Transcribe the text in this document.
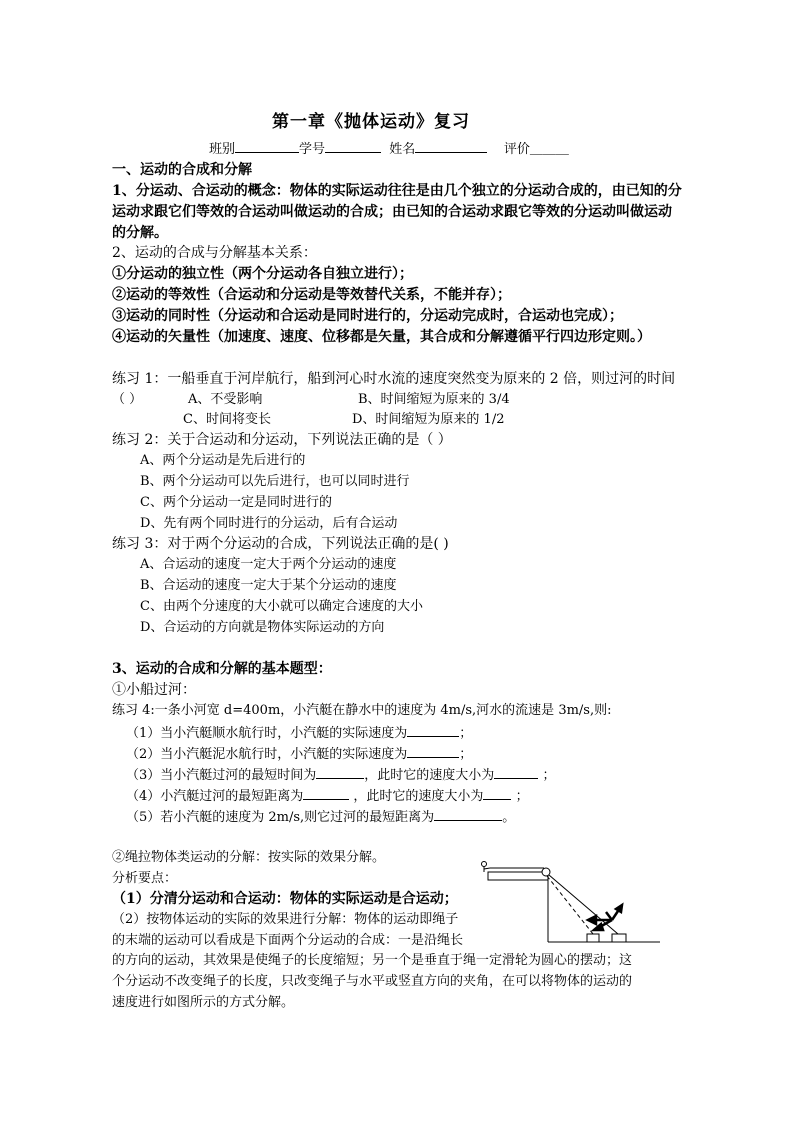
第一章《抛体运动》复习
班别	学号	姓名	评价＿＿＿
一、运动的合成和分解
1、分运动、合运动的概念：物体的实际运动往往是由几个独立的分运动合成的，由已知的分
运动求跟它们等效的合运动叫做运动的合成；由已知的合运动求跟它等效的分运动叫做运动
的分解。
2、运动的合成与分解基本关系：
①分运动的独立性（两个分运动各自独立进行）；
②运动的等效性（合运动和分运动是等效替代关系，不能并存）；
③运动的同时性（分运动和合运动是同时进行的，分运动完成时，合运动也完成）；
④运动的矢量性（加速度、速度、位移都是矢量，其合成和分解遵循平行四边形定则。）
练习 1：一船垂直于河岸航行，船到河心时水流的速度突然变为原来的 2 倍，则过河的时间
（ ）	A、不受影响	B、时间缩短为原来的 3/4
C、时间将变长	D、时间缩短为原来的 1/2
练习 2：关于合运动和分运动，下列说法正确的是（ ）
A、两个分运动是先后进行的
B、两个分运动可以先后进行，也可以同时进行
C、两个分运动一定是同时进行的
D、先有两个同时进行的分运动，后有合运动
练习 3：对于两个分运动的合成，下列说法正确的是( )
A、合运动的速度一定大于两个分运动的速度
B、合运动的速度一定大于某个分运动的速度
C、由两个分速度的大小就可以确定合速度的大小
D、合运动的方向就是物体实际运动的方向
3、运动的合成和分解的基本题型：
①小船过河：
练习 4:一条小河宽 d=400m，小汽艇在静水中的速度为 4m/s,河水的流速是 3m/s,则:
（1）当小汽艇顺水航行时，小汽艇的实际速度为	；
（2）当小汽艇泥水航行时，小汽艇的实际速度为	；
（3）当小汽艇过河的最短时间为	，此时它的速度大小为	；
（4）小汽艇过河的最短距离为	，此时它的速度大小为 ；
（5）若小汽艇的速度为 2m/s,则它过河的最短距离为	。
②绳拉物体类运动的分解：按实际的效果分解。
分析要点：
（1）分清分运动和合运动：物体的实际运动是合运动；
（2）按物体运动的实际的效果进行分解：物体的运动即绳子
的末端的运动可以看成是下面两个分运动的合成：一是沿绳长
的方向的运动，其效果是使绳子的长度缩短；另一个是垂直于绳一定滑轮为圆心的摆动；这
个分运动不改变绳子的长度，只改变绳子与水平或竖直方向的夹角，在可以将物体的运动的
速度进行如图所示的方式分解。
